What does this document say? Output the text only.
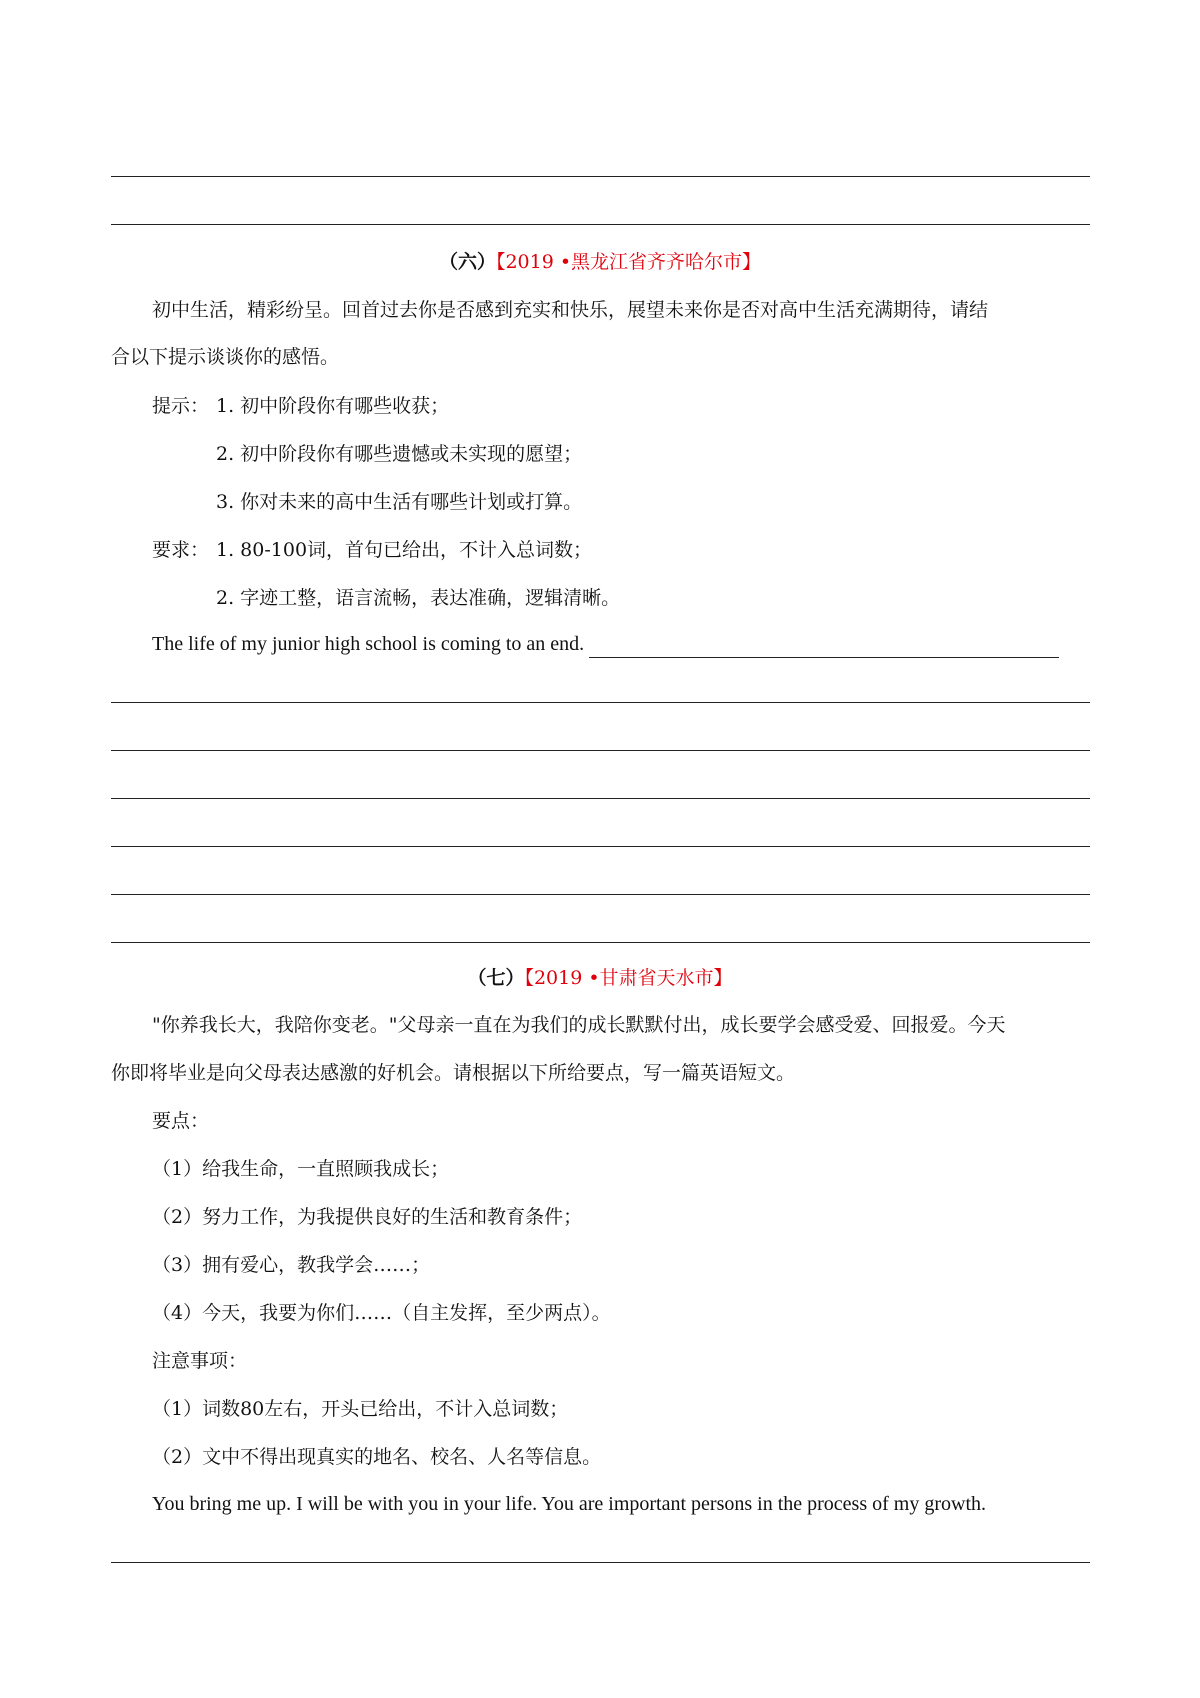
（六）【2019 •黑龙江省齐齐哈尔市】
初中生活，精彩纷呈。回首过去你是否感到充实和快乐，展望未来你是否对高中生活充满期待，请结
合以下提示谈谈你的感悟。
提示： 1. 初中阶段你有哪些收获；
2. 初中阶段你有哪些遗憾或未实现的愿望；
3. 你对未来的高中生活有哪些计划或打算。
要求： 1. 80-100词，首句已给出，不计入总词数；
2. 字迹工整，语言流畅，表达准确，逻辑清晰。
The life of my junior high school is coming to an end.
（七）【2019 •甘肃省天水市】
"你养我长大，我陪你变老。"父母亲一直在为我们的成长默默付出，成长要学会感受爱、回报爱。今天
你即将毕业是向父母表达感激的好机会。请根据以下所给要点，写一篇英语短文。
要点：
（1）给我生命，一直照顾我成长；
（2）努力工作，为我提供良好的生活和教育条件；
（3）拥有爱心，教我学会……；
（4）今天，我要为你们……（自主发挥，至少两点）。
注意事项：
（1）词数80左右，开头已给出，不计入总词数；
（2）文中不得出现真实的地名、校名、人名等信息。
You bring me up. I will be with you in your life. You are important persons in the process of my growth.
